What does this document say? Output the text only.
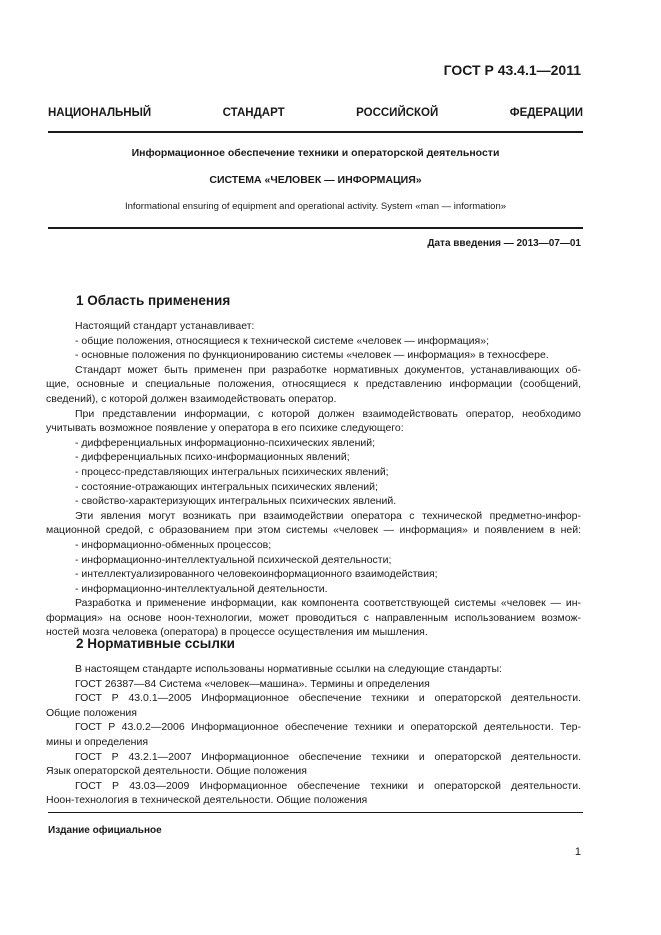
ГОСТ Р 43.4.1—2011
НАЦИОНАЛЬНЫЙ СТАНДАРТ РОССИЙСКОЙ ФЕДЕРАЦИИ
Информационное обеспечение техники и операторской деятельности
СИСТЕМА «ЧЕЛОВЕК — ИНФОРМАЦИЯ»
Informational ensuring of equipment and operational activity. System «man — information»
Дата введения — 2013—07—01
1 Область применения

Настоящий стандарт устанавливает:

- общие положения, относящиеся к технической системе «человек — информация»;

- основные положения по функционированию системы «человек — информация» в техносфере.

Стандарт может быть применен при разработке нормативных документов, устанавливающих об-

щие, основные и специальные положения, относящиеся к представлению информации (сообщений,

сведений), с которой должен взаимодействовать оператор.

При представлении информации, с которой должен взаимодействовать оператор, необходимо

учитывать возможное появление у оператора в его психике следующего:

- дифференциальных информационно-психических явлений;

- дифференциальных психо-информационных явлений;

- процесс-представляющих интегральных психических явлений;

- состояние-отражающих интегральных психических явлений;

- свойство-характеризующих интегральных психических явлений.

Эти явления могут возникать при взаимодействии оператора с технической предметно-инфор-

мационной средой, с образованием при этом системы «человек — информация» и появлением в ней:

- информационно-обменных процессов;

- информационно-интеллектуальной психической деятельности;

- интеллектуализированного человекоинформационного взаимодействия;

- информационно-интеллектуальной деятельности.

Разработка и применение информации, как компонента соответствующей системы «человек — ин-

формация» на основе ноон-технологии, может проводиться с направленным использованием возмож-

ностей мозга человека (оператора) в процессе осуществления им мышления.

2 Нормативные ссылки

В настоящем стандарте использованы нормативные ссылки на следующие стандарты:

ГОСТ 26387—84 Система «человек—машина». Термины и определения

ГОСТ Р 43.0.1—2005 Информационное обеспечение техники и операторской деятельности.

Общие положения

ГОСТ Р 43.0.2—2006 Информационное обеспечение техники и операторской деятельности. Тер-

мины и определения

ГОСТ Р 43.2.1—2007 Информационное обеспечение техники и операторской деятельности.

Язык операторской деятельности. Общие положения

ГОСТ Р 43.03—2009 Информационное обеспечение техники и операторской деятельности.

Ноон-технология в технической деятельности. Общие положения

Издание официальное
1
